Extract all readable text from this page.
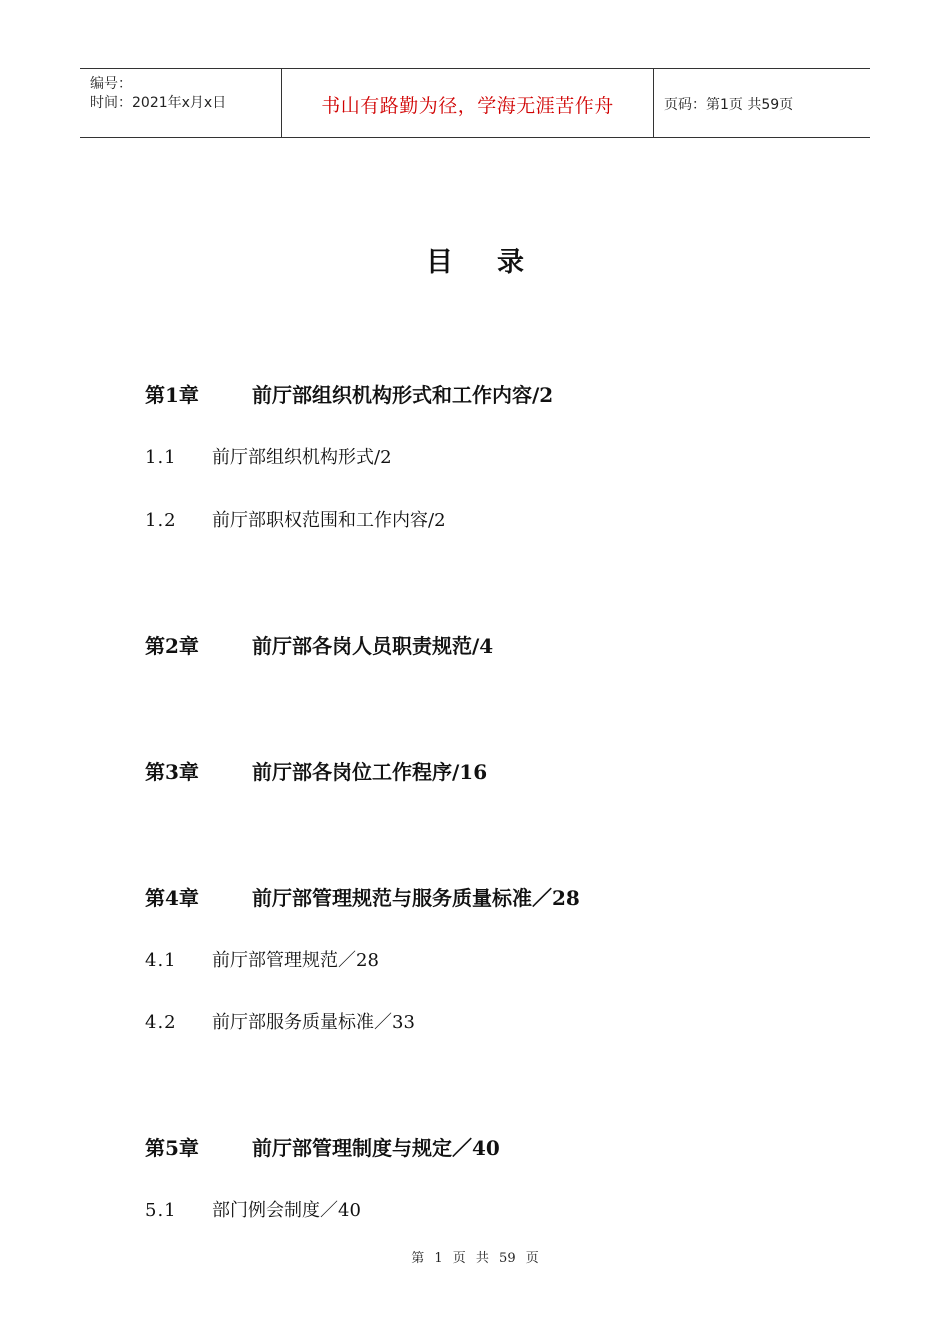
编号：
时间：2021年x月x日	书山有路勤为径，学海无涯苦作舟	页码：第1页 共59页
目录
第1章	前厅部组织机构形式和工作内容/2
1.1 前厅部组织机构形式/2
1.2 前厅部职权范围和工作内容/2
第2章	前厅部各岗人员职责规范/4
第3章	前厅部各岗位工作程序/16
第4章	前厅部管理规范与服务质量标准／28
4.1 前厅部管理规范／28
4.2 前厅部服务质量标准／33
第5章	前厅部管理制度与规定／40
5.1 部门例会制度／40
第 1 页 共 59 页
